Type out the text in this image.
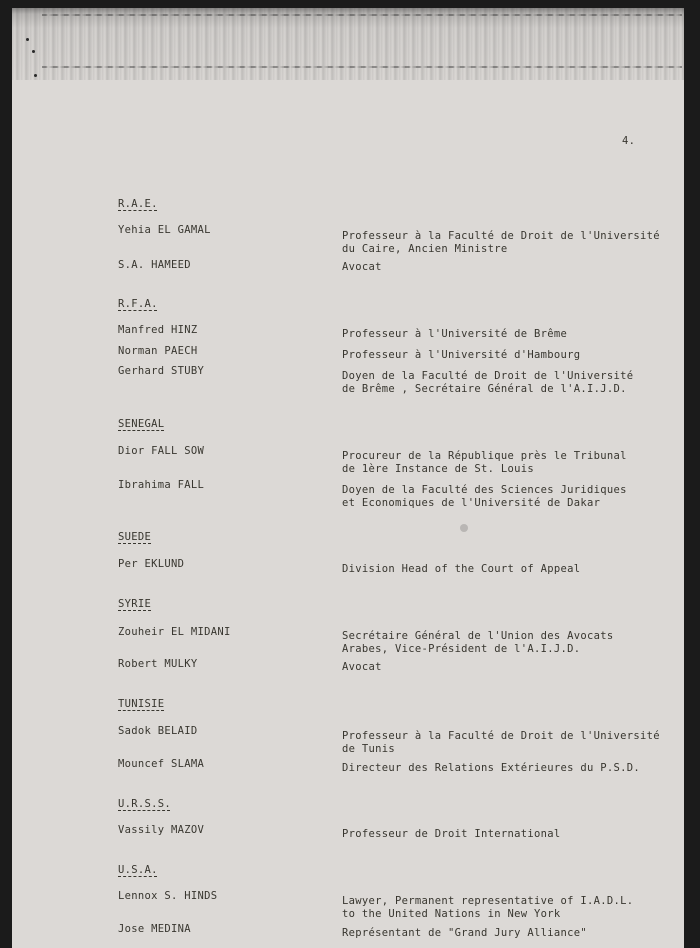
4.
R.A.E.
Yehia EL GAMAL	Professeur à la Faculté de Droit de l'Université
du Caire, Ancien Ministre
S.A. HAMEED	Avocat
R.F.A.
Manfred HINZ	Professeur à l'Université de Brême
Norman PAECH	Professeur à l'Université d'Hambourg
Gerhard STUBY	Doyen de la Faculté de Droit de l'Université
de Brême , Secrétaire Général de l'A.I.J.D.
SENEGAL
Dior FALL SOW	Procureur de la République près le Tribunal
de 1ère Instance de St. Louis
Ibrahima FALL	Doyen de la Faculté des Sciences Juridiques
et Economiques de l'Université de Dakar
SUEDE
Per EKLUND	Division Head of the Court of Appeal
SYRIE
Zouheir EL MIDANI	Secrétaire Général de l'Union des Avocats
Arabes, Vice-Président de l'A.I.J.D.
Robert MULKY	Avocat
TUNISIE
Sadok BELAID	Professeur à la Faculté de Droit de l'Université
de Tunis
Mouncef SLAMA	Directeur des Relations Extérieures du P.S.D.
U.R.S.S.
Vassily MAZOV	Professeur de Droit International
U.S.A.
Lennox S. HINDS	Lawyer, Permanent representative of I.A.D.L.
to the United Nations in New York
Jose MEDINA	Représentant de "Grand Jury Alliance"
